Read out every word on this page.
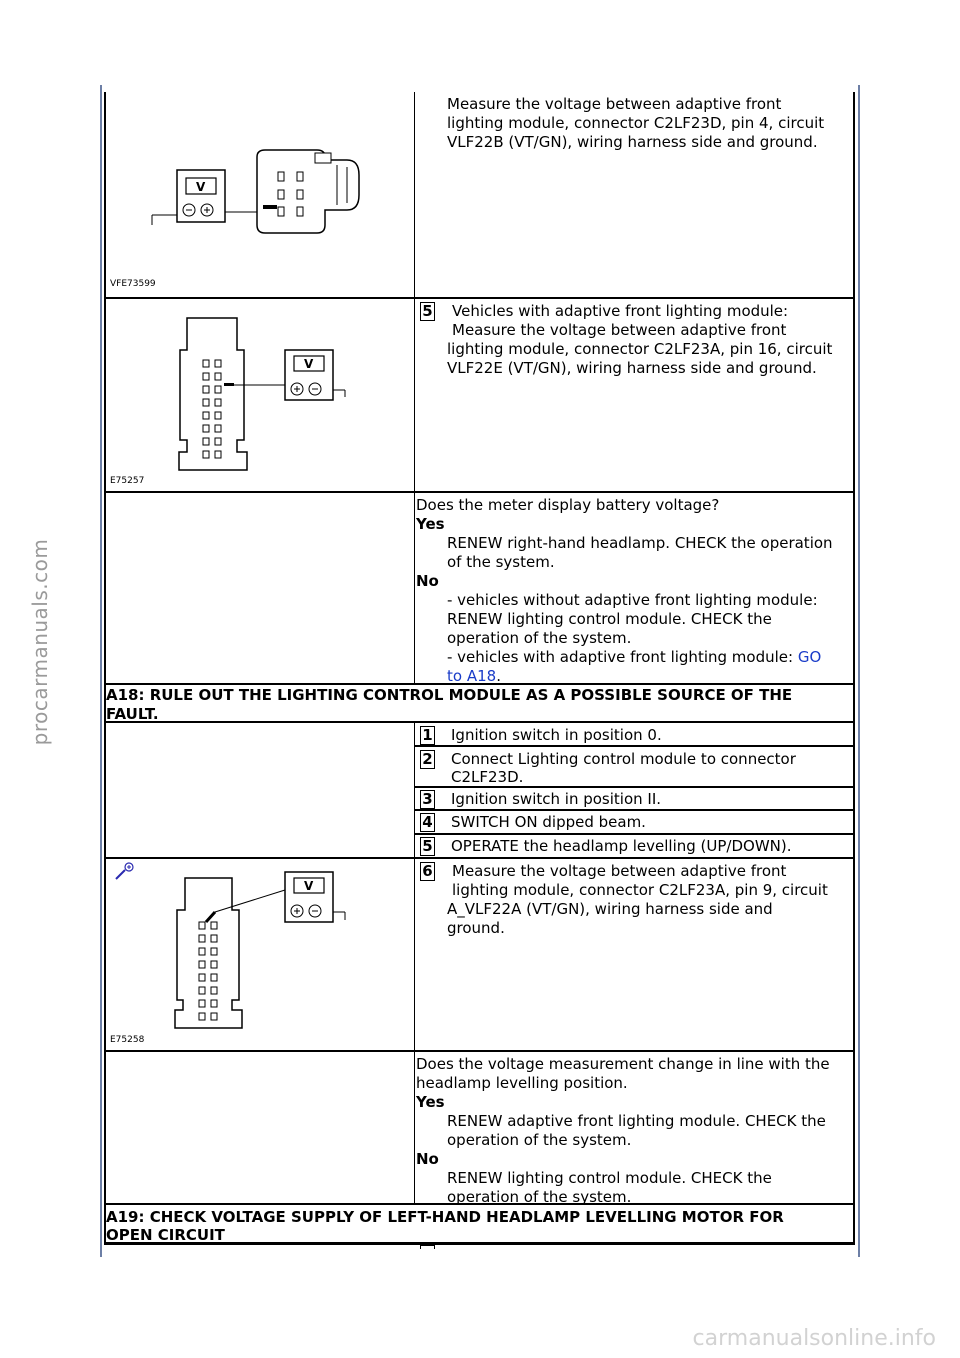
procarmanuals.com
carmanualsonline.info
V
VFE73599
Measure the voltage between adaptive front
lighting module, connector C2LF23D, pin 4, circuit
VLF22B (VT/GN), wiring harness side and ground.
V
E75257
5 Vehicles with adaptive front lighting module:
Measure the voltage between adaptive front
lighting module, connector C2LF23A, pin 16, circuit
VLF22E (VT/GN), wiring harness side and ground.
Does the meter display battery voltage?
Yes
RENEW right-hand headlamp. CHECK the operation
of the system.
No
- vehicles without adaptive front lighting module:
RENEW lighting control module. CHECK the
operation of the system.
- vehicles with adaptive front lighting module: GO
to A18.
A18: RULE OUT THE LIGHTING CONTROL MODULE AS A POSSIBLE SOURCE OF THE
FAULT.
1 Ignition switch in position 0.
2 Connect Lighting control module to connector
C2LF23D.
3 Ignition switch in position II.
4 SWITCH ON dipped beam.
5 OPERATE the headlamp levelling (UP/DOWN).
V
E75258
6 Measure the voltage between adaptive front
lighting module, connector C2LF23A, pin 9, circuit
A_VLF22A (VT/GN), wiring harness side and
ground.
Does the voltage measurement change in line with the
headlamp levelling position.
Yes
RENEW adaptive front lighting module. CHECK the
operation of the system.
No
RENEW lighting control module. CHECK the
operation of the system.
A19: CHECK VOLTAGE SUPPLY OF LEFT-HAND HEADLAMP LEVELLING MOTOR FOR
OPEN CIRCUIT
